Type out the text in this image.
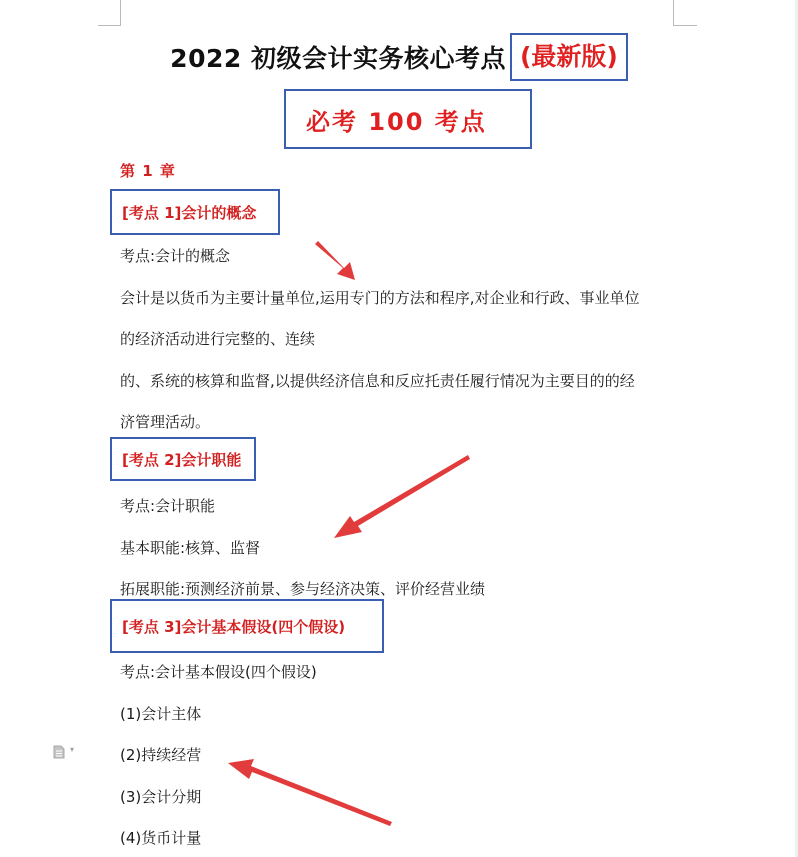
2022 初级会计实务核心考点 (最新版)
必考 100 考点
第 1 章
[考点 1]会计的概念
考点:会计的概念
会计是以货币为主要计量单位,运用专门的方法和程序,对企业和行政、事业单位
的经济活动进行完整的、连续
的、系统的核算和监督,以提供经济信息和反应托责任履行情况为主要目的的经
济管理活动。
[考点 2]会计职能
考点:会计职能
基本职能:核算、监督
拓展职能:预测经济前景、参与经济决策、评价经营业绩
[考点 3]会计基本假设(四个假设)
考点:会计基本假设(四个假设)
(1)会计主体
(2)持续经营
(3)会计分期
(4)货币计量
▾
